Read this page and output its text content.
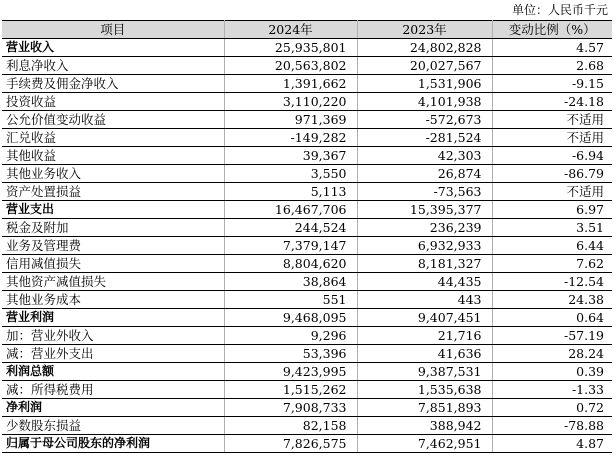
单位：人民币千元
项目	2024年	2023年	变动比例（%）
营业收入	25,935,801	24,802,828	4.57
利息净收入	20,563,802	20,027,567	2.68
手续费及佣金净收入	1,391,662	1,531,906	-9.15
投资收益	3,110,220	4,101,938	-24.18
公允价值变动收益	971,369	-572,673	不适用
汇兑收益	-149,282	-281,524	不适用
其他收益	39,367	42,303	-6.94
其他业务收入	3,550	26,874	-86.79
资产处置损益	5,113	-73,563	不适用
营业支出	16,467,706	15,395,377	6.97
税金及附加	244,524	236,239	3.51
业务及管理费	7,379,147	6,932,933	6.44
信用减值损失	8,804,620	8,181,327	7.62
其他资产减值损失	38,864	44,435	-12.54
其他业务成本	551	443	24.38
营业利润	9,468,095	9,407,451	0.64
加：营业外收入	9,296	21,716	-57.19
减：营业外支出	53,396	41,636	28.24
利润总额	9,423,995	9,387,531	0.39
减：所得税费用	1,515,262	1,535,638	-1.33
净利润	7,908,733	7,851,893	0.72
少数股东损益	82,158	388,942	-78.88
归属于母公司股东的净利润	7,826,575	7,462,951	4.87
